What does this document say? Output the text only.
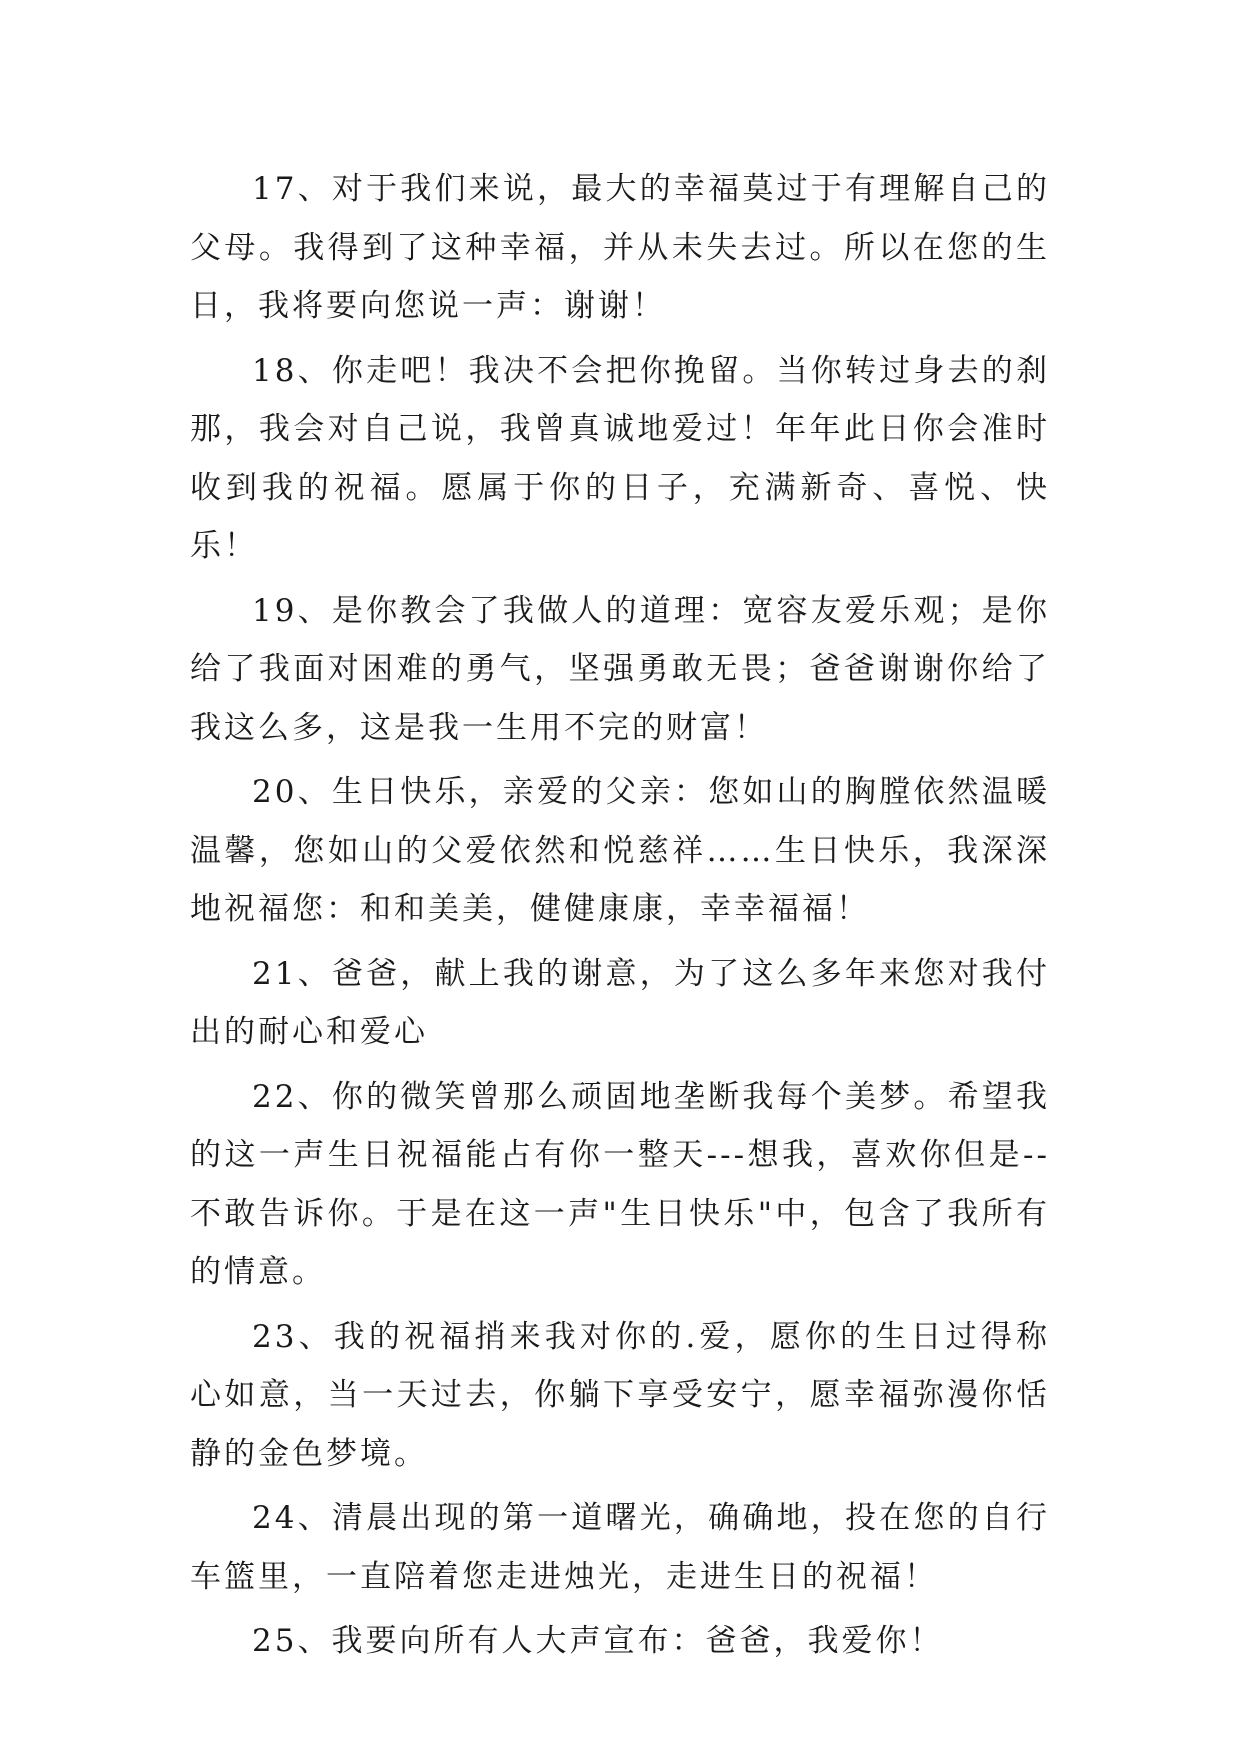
17、对于我们来说，最大的幸福莫过于有理解自己的父母。我得到了这种幸福，并从未失去过。所以在您的生日，我将要向您说一声：谢谢！

18、你走吧！我决不会把你挽留。当你转过身去的刹那，我会对自己说，我曾真诚地爱过！年年此日你会准时收到我的祝福。愿属于你的日子，充满新奇、喜悦、快乐！

19、是你教会了我做人的道理：宽容友爱乐观；是你给了我面对困难的勇气，坚强勇敢无畏；爸爸谢谢你给了我这么多，这是我一生用不完的财富！

20、生日快乐，亲爱的父亲：您如山的胸膛依然温暖温馨，您如山的父爱依然和悦慈祥……生日快乐，我深深地祝福您：和和美美，健健康康，幸幸福福！

21、爸爸，献上我的谢意，为了这么多年来您对我付出的耐心和爱心

22、你的微笑曾那么顽固地垄断我每个美梦。希望我的这一声生日祝福能占有你一整天---想我，喜欢你但是--不敢告诉你。于是在这一声"生日快乐"中，包含了我所有的情意。

23、我的祝福捎来我对你的.爱，愿你的生日过得称心如意，当一天过去，你躺下享受安宁，愿幸福弥漫你恬静的金色梦境。

24、清晨出现的第一道曙光，确确地，投在您的自行车篮里，一直陪着您走进烛光，走进生日的祝福！

25、我要向所有人大声宣布：爸爸，我爱你！
